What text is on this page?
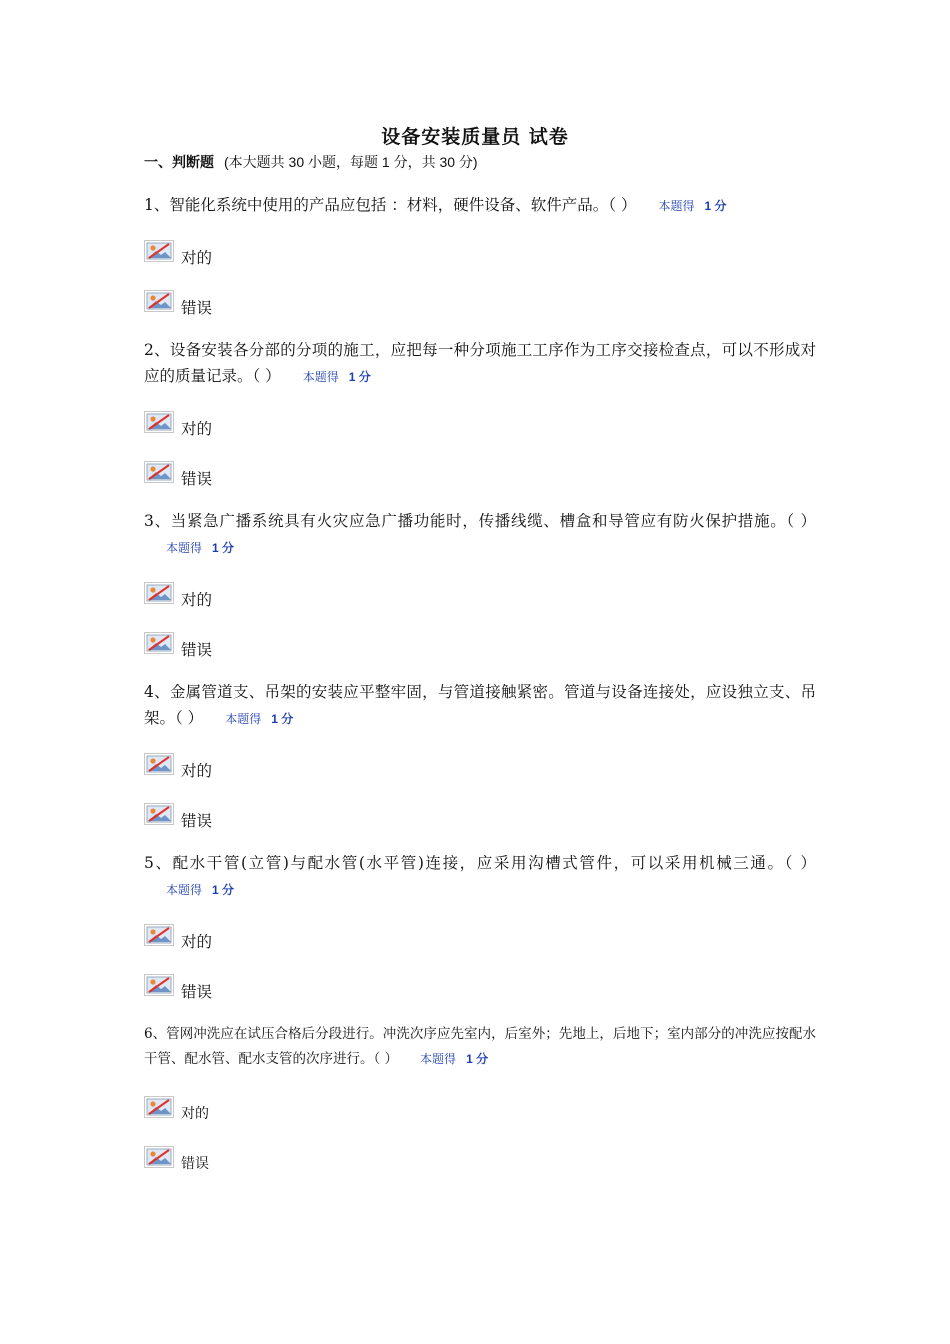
设备安装质量员 试卷
一、判断题 (本大题共 30 小题，每题 1 分，共 30 分)
1、智能化系统中使用的产品应包括 ：材料，硬件设备、软件产品。（ ） 本题得 1 分
对的
错误
2、设备安装各分部的分项的施工，应把每一种分项施工工序作为工序交接检查点，可以不形成对应的质量记录。（ ） 本题得 1 分
对的
错误
3、当紧急广播系统具有火灾应急广播功能时，传播线缆、槽盒和导管应有防火保护措施。（ ）本题得 1 分
对的
错误
4、金属管道支、吊架的安装应平整牢固，与管道接触紧密。管道与设备连接处，应设独立支、吊架。（ ） 本题得 1 分
对的
错误
5、配水干管(立管)与配水管(水平管)连接，应采用沟槽式管件，可以采用机械三通。（ ）本题得 1 分
对的
错误
6、管网冲洗应在试压合格后分段进行。冲洗次序应先室内，后室外；先地上，后地下；室内部分的冲洗应按配水干管、配水管、配水支管的次序进行。（ ） 本题得 1 分
对的
错误
